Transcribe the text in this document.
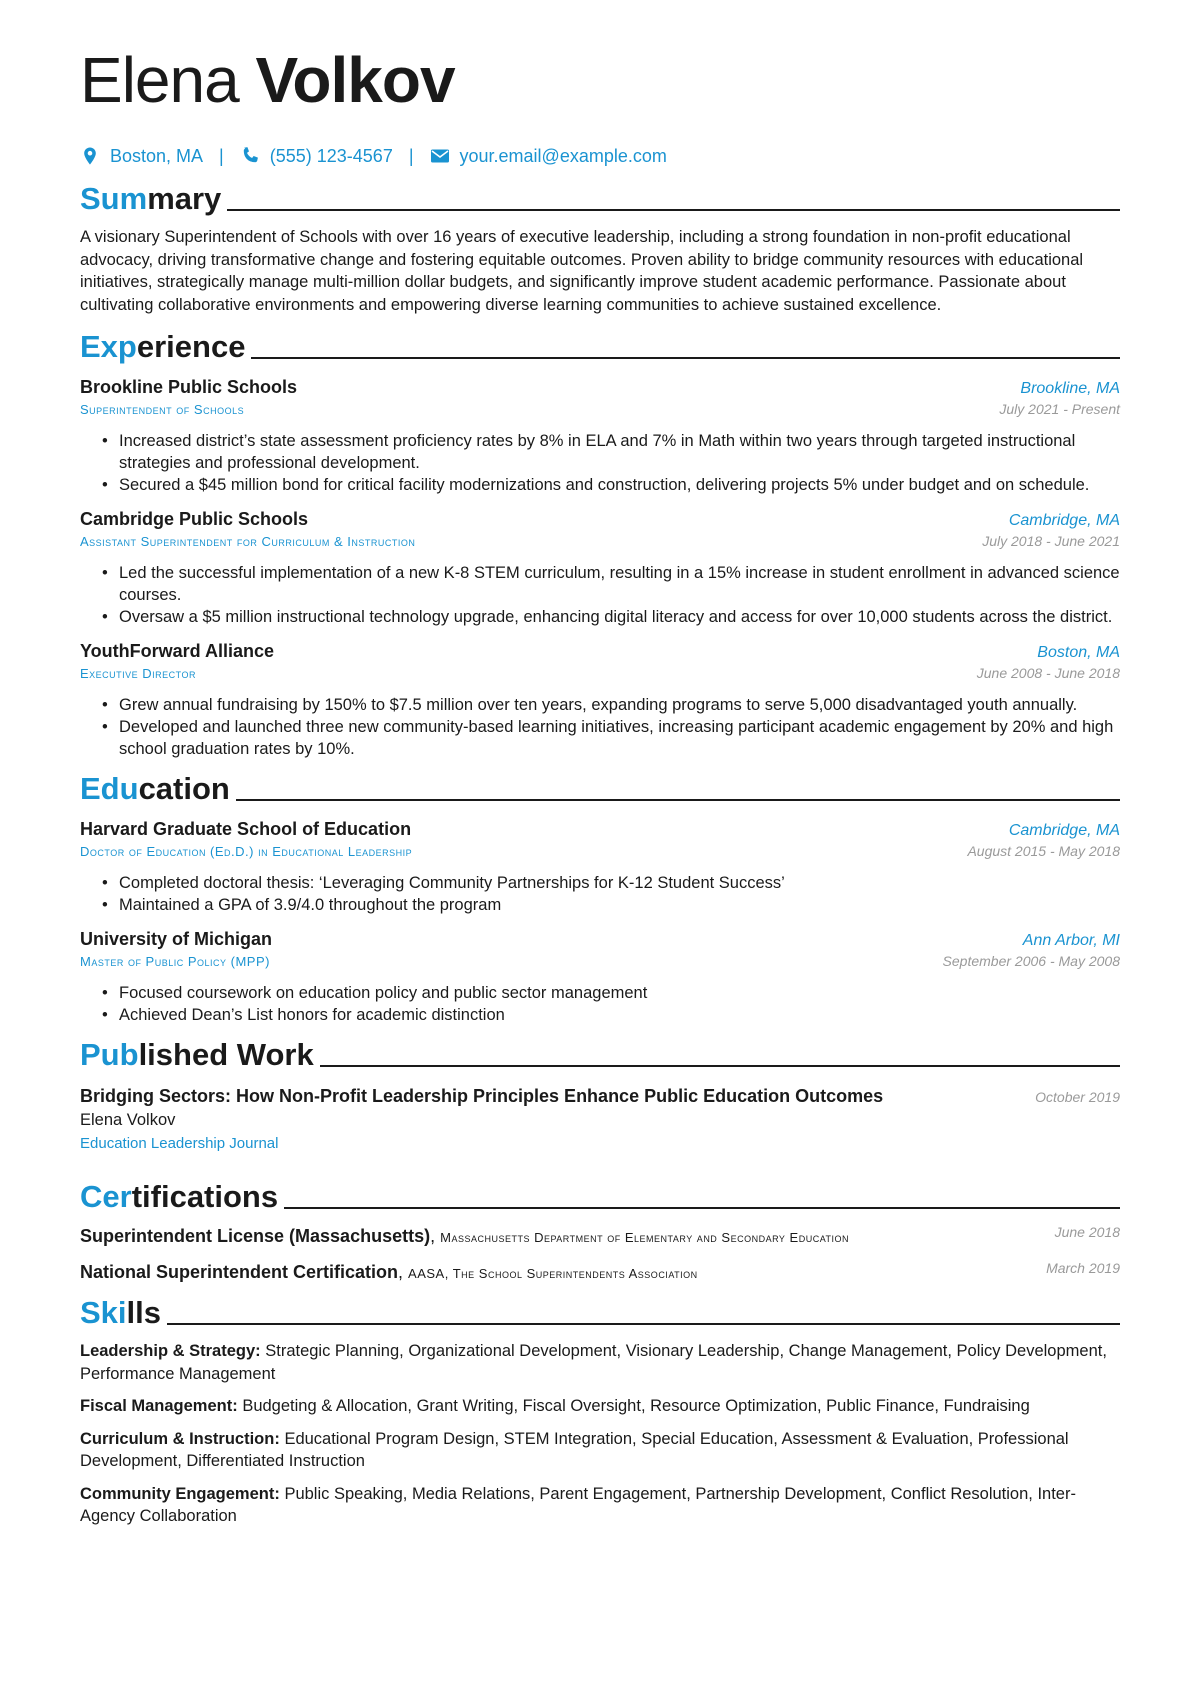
Elena Volkov
Boston, MA |	(555) 123-4567 |	your.email@example.com
Summary

A visionary Superintendent of Schools with over 16 years of executive leadership, including a strong foundation in non-profit educational advocacy, driving transformative change and fostering equitable outcomes. Proven ability to bridge community resources with educational initiatives, strategically manage multi-million dollar budgets, and significantly improve student academic performance. Passionate about cultivating collaborative environments and empowering diverse learning communities to achieve sustained excellence.

Experience
Brookline Public Schools	Brookline, MA
Superintendent of Schools	July 2021 - Present
• Increased district’s state assessment proficiency rates by 8% in ELA and 7% in Math within two years through targeted instructional strategies and professional development.
• Secured a $45 million bond for critical facility modernizations and construction, delivering projects 5% under budget and on schedule.
Cambridge Public Schools	Cambridge, MA
Assistant Superintendent for Curriculum & Instruction	July 2018 - June 2021
• Led the successful implementation of a new K-8 STEM curriculum, resulting in a 15% increase in student enrollment in advanced science courses.
• Oversaw a $5 million instructional technology upgrade, enhancing digital literacy and access for over 10,000 students across the district.
YouthForward Alliance	Boston, MA
Executive Director	June 2008 - June 2018
• Grew annual fundraising by 150% to $7.5 million over ten years, expanding programs to serve 5,000 disadvantaged youth annually.
• Developed and launched three new community-based learning initiatives, increasing participant academic engagement by 20% and high school graduation rates by 10%.
Education
Harvard Graduate School of Education	Cambridge, MA
Doctor of Education (Ed.D.) in Educational Leadership	August 2015 - May 2018
• Completed doctoral thesis: ‘Leveraging Community Partnerships for K-12 Student Success’
• Maintained a GPA of 3.9/4.0 throughout the program
University of Michigan	Ann Arbor, MI
Master of Public Policy (MPP)	September 2006 - May 2008
• Focused coursework on education policy and public sector management
• Achieved Dean’s List honors for academic distinction
Published Work
Bridging Sectors: How Non-Profit Leadership Principles Enhance Public Education Outcomes	October 2019
Elena Volkov
Education Leadership Journal
Certifications
Superintendent License (Massachusetts), Massachusetts Department of Elementary and Secondary Education	June 2018
National Superintendent Certification, AASA, The School Superintendents Association	March 2019
Skills
Leadership & Strategy: Strategic Planning, Organizational Development, Visionary Leadership, Change Management, Policy Development, Performance Management
Fiscal Management: Budgeting & Allocation, Grant Writing, Fiscal Oversight, Resource Optimization, Public Finance, Fundraising
Curriculum & Instruction: Educational Program Design, STEM Integration, Special Education, Assessment & Evaluation, Professional Development, Differentiated Instruction
Community Engagement: Public Speaking, Media Relations, Parent Engagement, Partnership Development, Conflict Resolution, Inter-Agency Collaboration
